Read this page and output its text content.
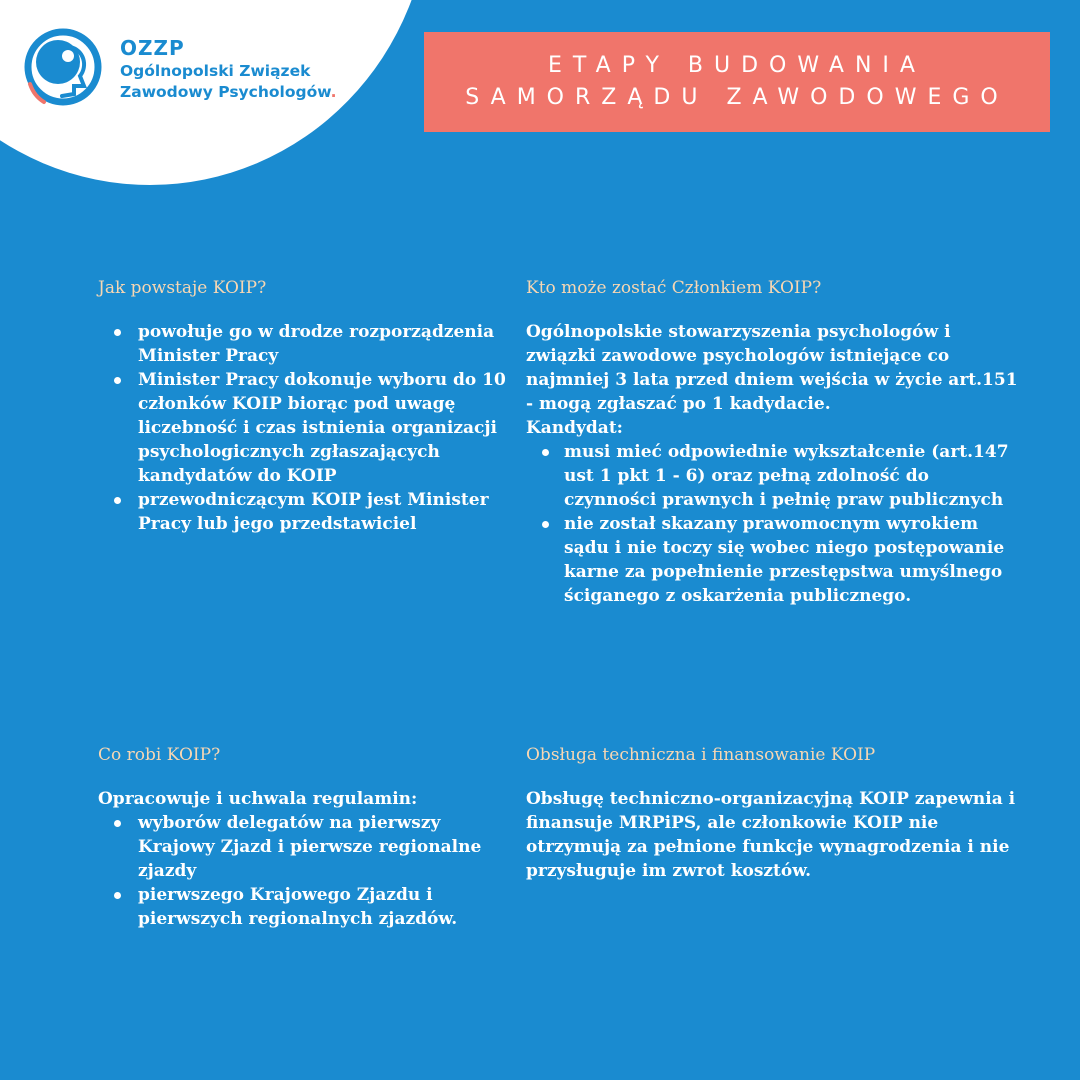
OZZP
Ogólnopolski Związek
Zawodowy Psychologów.
ETAPY BUDOWANIA
SAMORZĄDU ZAWODOWEGO
Jak powstaje KOIP?
powołuje go w drodze rozporządzenia Minister Pracy
Minister Pracy dokonuje wyboru do 10 członków KOIP biorąc pod uwagę liczebność i czas istnienia organizacji psychologicznych zgłaszających kandydatów do KOIP
przewodniczącym KOIP jest Minister Pracy lub jego przedstawiciel
Kto może zostać Członkiem KOIP?
Ogólnopolskie stowarzyszenia psychologów i związki zawodowe psychologów istniejące co najmniej 3 lata przed dniem wejścia w życie art.151 - mogą zgłaszać po 1 kadydacie.
Kandydat:
musi mieć odpowiednie wykształcenie (art.147 ust 1 pkt 1 - 6) oraz pełną zdolność do czynności prawnych i pełnię praw publicznych
nie został skazany prawomocnym wyrokiem sądu i nie toczy się wobec niego postępowanie karne za popełnienie przestępstwa umyślnego ściganego z oskarżenia publicznego.
Co robi KOIP?
Opracowuje i uchwala regulamin:
wyborów delegatów na pierwszy Krajowy Zjazd i pierwsze regionalne zjazdy
pierwszego Krajowego Zjazdu i pierwszych regionalnych zjazdów.
Obsługa techniczna i finansowanie KOIP
Obsługę techniczno-organizacyjną KOIP zapewnia i finansuje MRPiPS, ale członkowie KOIP nie otrzymują za pełnione funkcje wynagrodzenia i nie przysługuje im zwrot kosztów.
